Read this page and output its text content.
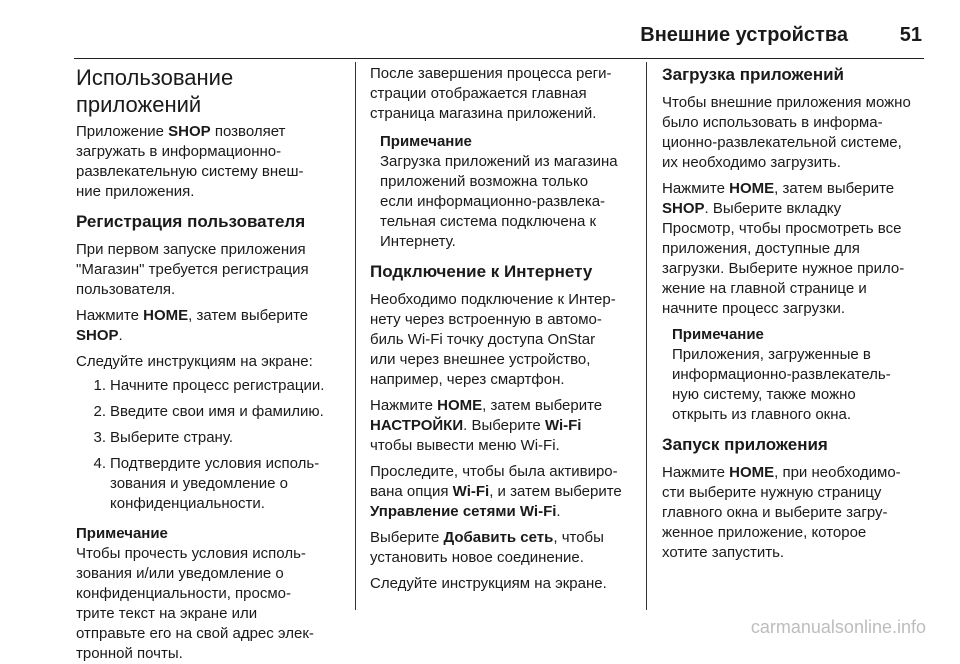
Внешние устройства	51
Использование
приложений

Приложение SHOP позволяет
загружать в информационно-
развлекательную систему внеш-
ние приложения.

Регистрация пользователя

При первом запуске приложения
"Магазин" требуется регистрация
пользователя.

Нажмите HOME, затем выберите
SHOP.

Следуйте инструкциям на экране:

1. Начните процесс регистрации.
2. Введите свои имя и фамилию.
3. Выберите страну.
4. Подтвердите условия исполь-
зования и уведомление о
конфиденциальности.
Примечание
Чтобы прочесть условия исполь-
зования и/или уведомление о
конфиденциальности, просмо-
трите текст на экране или
отправьте его на свой адрес элек-
тронной почты.

После завершения процесса реги-
страции отображается главная
страница магазина приложений.

Примечание
Загрузка приложений из магазина
приложений возможна только
если информационно-развлека-
тельная система подключена к
Интернету.
Подключение к Интернету

Необходимо подключение к Интер-
нету через встроенную в автомо-
биль Wi-Fi точку доступа OnStar
или через внешнее устройство,
например, через смартфон.

Нажмите HOME, затем выберите
НАСТРОЙКИ. Выберите Wi-Fi
чтобы вывести меню Wi-Fi.

Проследите, чтобы была активиро-
вана опция Wi-Fi, и затем выберите
Управление сетями Wi-Fi.

Выберите Добавить сеть, чтобы
установить новое соединение.

Следуйте инструкциям на экране.

Загрузка приложений

Чтобы внешние приложения можно
было использовать в информа-
ционно-развлекательной системе,
их необходимо загрузить.

Нажмите HOME, затем выберите
SHOP. Выберите вкладку
Просмотр, чтобы просмотреть все
приложения, доступные для
загрузки. Выберите нужное прило-
жение на главной странице и
начните процесс загрузки.

Примечание
Приложения, загруженные в
информационно-развлекатель-
ную систему, также можно
открыть из главного окна.
Запуск приложения

Нажмите HOME, при необходимо-
сти выберите нужную страницу
главного окна и выберите загру-
женное приложение, которое
хотите запустить.

carmanualsonline.info
